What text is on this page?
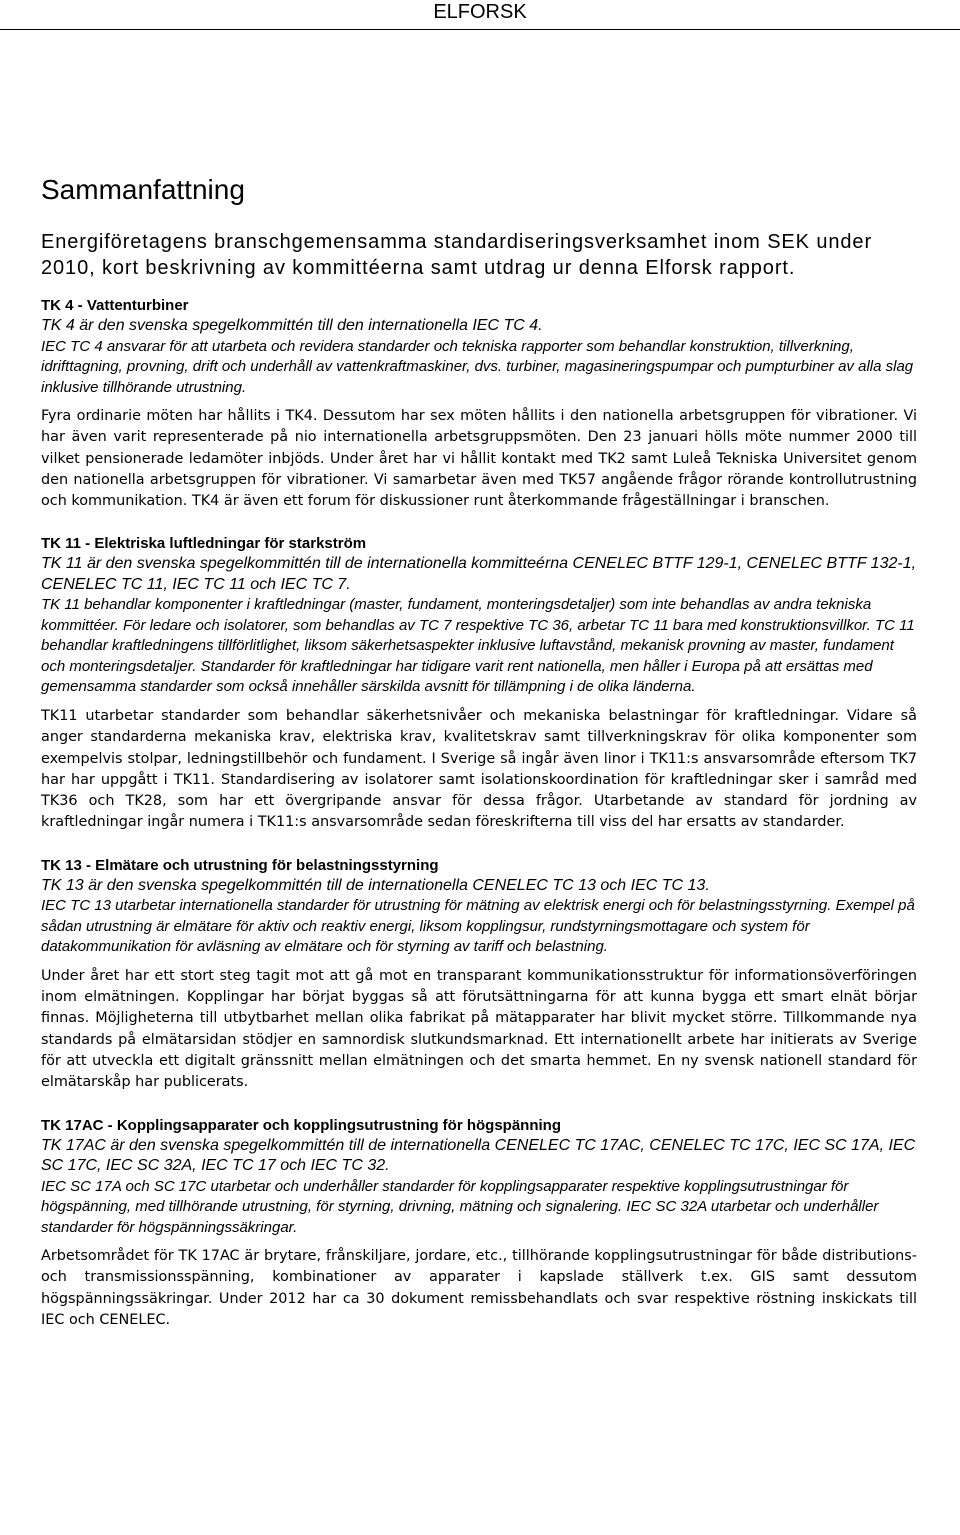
ELFORSK
Sammanfattning

Energiföretagens branschgemensamma standardiseringsverksamhet inom SEK under 2010, kort beskrivning av kommittéerna samt utdrag ur denna Elforsk rapport.

TK 4 - Vattenturbiner

TK 4 är den svenska spegelkommittén till den internationella IEC TC 4.
IEC TC 4 ansvarar för att utarbeta och revidera standarder och tekniska rapporter som behandlar konstruktion, tillverkning, idrifttagning, provning, drift och underhåll av vattenkraftmaskiner, dvs. turbiner, magasineringspumpar och pumpturbiner av alla slag inklusive tillhörande utrustning.

Fyra ordinarie möten har hållits i TK4. Dessutom har sex möten hållits i den nationella arbetsgruppen för vibrationer. Vi har även varit representerade på nio internationella arbetsgruppsmöten. Den 23 januari hölls möte nummer 2000 till vilket pensionerade ledamöter inbjöds. Under året har vi hållit kontakt med TK2 samt Luleå Tekniska Universitet genom den nationella arbetsgruppen för vibrationer. Vi samarbetar även med TK57 angående frågor rörande kontrollutrustning och kommunikation. TK4 är även ett forum för diskussioner runt återkommande frågeställningar i branschen.

TK 11 - Elektriska luftledningar för starkström

TK 11 är den svenska spegelkommittén till de internationella kommitteérna CENELEC BTTF 129-1, CENELEC BTTF 132-1, CENELEC TC 11, IEC TC 11 och IEC TC 7.
TK 11 behandlar komponenter i kraftledningar (master, fundament, monteringsdetaljer) som inte behandlas av andra tekniska kommittéer. För ledare och isolatorer, som behandlas av TC 7 respektive TC 36, arbetar TC 11 bara med konstruktionsvillkor. TC 11 behandlar kraftledningens tillförlitlighet, liksom säkerhetsaspekter inklusive luftavstånd, mekanisk provning av master, fundament och monteringsdetaljer. Standarder för kraftledningar har tidigare varit rent nationella, men håller i Europa på att ersättas med gemensamma standarder som också innehåller särskilda avsnitt för tillämpning i de olika länderna.

TK11 utarbetar standarder som behandlar säkerhetsnivåer och mekaniska belastningar för kraftledningar. Vidare så anger standarderna mekaniska krav, elektriska krav, kvalitetskrav samt tillverkningskrav för olika komponenter som exempelvis stolpar, ledningstillbehör och fundament. I Sverige så ingår även linor i TK11:s ansvarsområde eftersom TK7 har har uppgått i TK11. Standardisering av isolatorer samt isolationskoordination för kraftledningar sker i samråd med TK36 och TK28, som har ett övergripande ansvar för dessa frågor. Utarbetande av standard för jordning av kraftledningar ingår numera i TK11:s ansvarsområde sedan föreskrifterna till viss del har ersatts av standarder.

TK 13 - Elmätare och utrustning för belastningsstyrning

TK 13 är den svenska spegelkommittén till de internationella CENELEC TC 13 och IEC TC 13.
IEC TC 13 utarbetar internationella standarder för utrustning för mätning av elektrisk energi och för belastningsstyrning. Exempel på sådan utrustning är elmätare för aktiv och reaktiv energi, liksom kopplingsur, rundstyrningsmottagare och system för datakommunikation för avläsning av elmätare och för styrning av tariff och belastning.

Under året har ett stort steg tagit mot att gå mot en transparant kommunikationsstruktur för informationsöverföringen inom elmätningen. Kopplingar har börjat byggas så att förutsättningarna för att kunna bygga ett smart elnät börjar finnas. Möjligheterna till utbytbarhet mellan olika fabrikat på mätapparater har blivit mycket större. Tillkommande nya standards på elmätarsidan stödjer en samnordisk slutkundsmarknad. Ett internationellt arbete har initierats av Sverige för att utveckla ett digitalt gränssnitt mellan elmätningen och det smarta hemmet. En ny svensk nationell standard för elmätarskåp har publicerats.

TK 17AC - Kopplingsapparater och kopplingsutrustning för högspänning

TK 17AC är den svenska spegelkommittén till de internationella CENELEC TC 17AC, CENELEC TC 17C, IEC SC 17A, IEC SC 17C, IEC SC 32A, IEC TC 17 och IEC TC 32.
IEC SC 17A och SC 17C utarbetar och underhåller standarder för kopplingsapparater respektive kopplingsutrustningar för högspänning, med tillhörande utrustning, för styrning, drivning, mätning och signalering. IEC SC 32A utarbetar och underhåller standarder för högspänningssäkringar.

Arbetsområdet för TK 17AC är brytare, frånskiljare, jordare, etc., tillhörande kopplingsutrustningar för både distributions- och transmissionsspänning, kombinationer av apparater i kapslade ställverk t.ex. GIS samt dessutom högspänningssäkringar. Under 2012 har ca 30 dokument remissbehandlats och svar respektive röstning inskickats till IEC och CENELEC.
